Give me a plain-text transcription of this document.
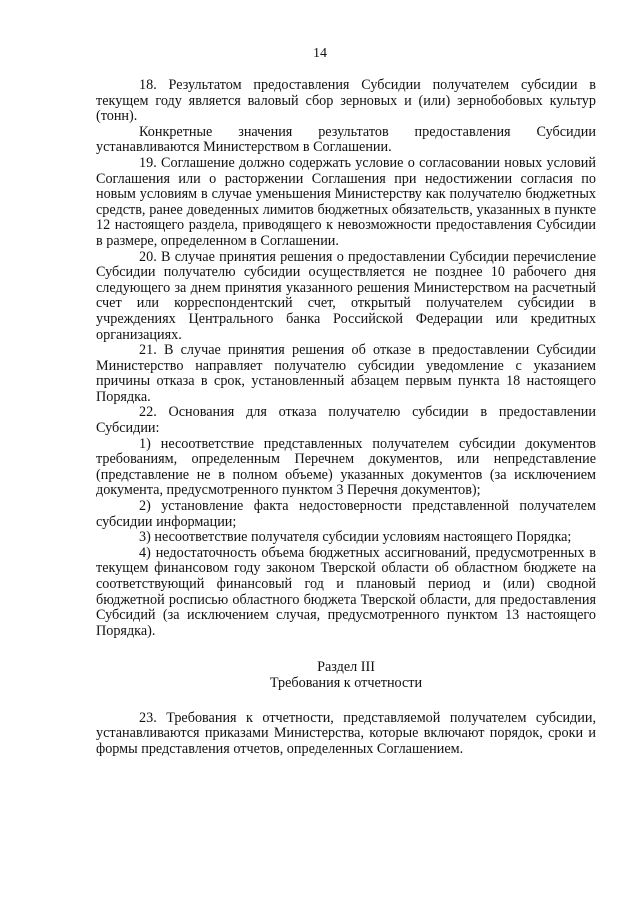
14

18. Результатом предоставления Субсидии получателем субсидии в текущем году является валовый сбор зерновых и (или) зернобобовых культур (тонн).

Конкретные значения результатов предоставления Субсидии устанавливаются Министерством в Соглашении.

19. Соглашение должно содержать условие о согласовании новых условий Соглашения или о расторжении Соглашения при недостижении согласия по новым условиям в случае уменьшения Министерству как получателю бюджетных средств, ранее доведенных лимитов бюджетных обязательств, указанных в пункте 12 настоящего раздела, приводящего к невозможности предоставления Субсидии в размере, определенном в Соглашении.

20. В случае принятия решения о предоставлении Субсидии перечисление Субсидии получателю субсидии осуществляется не позднее 10 рабочего дня следующего за днем принятия указанного решения Министерством на расчетный счет или корреспондентский счет, открытый получателем субсидии в учреждениях Центрального банка Российской Федерации или кредитных организациях.

21. В случае принятия решения об отказе в предоставлении Субсидии Министерство направляет получателю субсидии уведомление с указанием причины отказа в срок, установленный абзацем первым пункта 18 настоящего Порядка.

22. Основания для отказа получателю субсидии в предоставлении Субсидии:

1) несоответствие представленных получателем субсидии документов требованиям, определенным Перечнем документов, или непредставление (представление не в полном объеме) указанных документов (за исключением документа, предусмотренного пунктом 3 Перечня документов);

2) установление факта недостоверности представленной получателем субсидии информации;

3) несоответствие получателя субсидии условиям настоящего Порядка;

4) недостаточность объема бюджетных ассигнований, предусмотренных в текущем финансовом году законом Тверской области об областном бюджете на соответствующий финансовый год и плановый период и (или) сводной бюджетной росписью областного бюджета Тверской области, для предоставления Субсидий (за исключением случая, предусмотренного пунктом 13 настоящего Порядка).

Раздел III

Требования к отчетности

23. Требования к отчетности, представляемой получателем субсидии, устанавливаются приказами Министерства, которые включают порядок, сроки и формы представления отчетов, определенных Соглашением.
